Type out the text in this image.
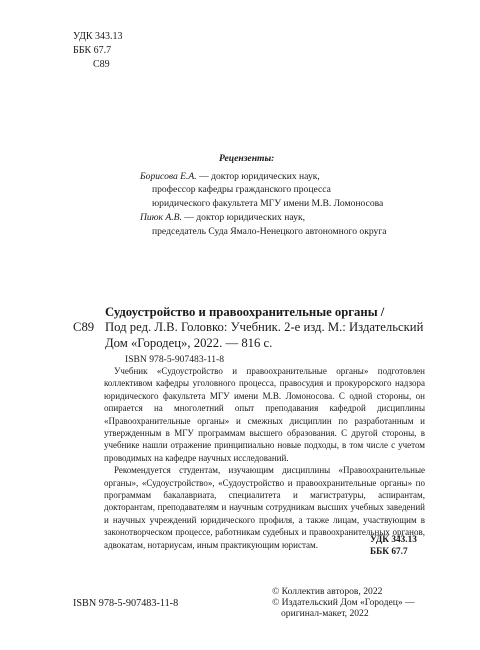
УДК 343.13
ББК 67.7
С89
Рецензенты:
Борисова Е.А. — доктор юридических наук,
профессор кафедры гражданского процесса
юридического факультета МГУ имени М.В. Ломоносова
Пиюк А.В. — доктор юридических наук,
председатель Суда Ямало-Ненецкого автономного округа
С89
Судоустройство и правоохранительные органы /
Под ред. Л.В. Головко: Учебник. 2-е изд. М.: Издательский
Дом «Городец», 2022. — 816 с.
ISBN 978-5-907483-11-8

Учебник «Судоустройство и правоохранительные органы» подготовлен коллективом кафедры уголовного процесса, правосудия и прокурорского надзора юридического факультета МГУ имени М.В. Ломоносова. С одной стороны, он опирается на многолетний опыт преподавания кафедрой дисциплины «Правоохранительные органы» и смежных дисциплин по разработанным и утвержденным в МГУ программам высшего образования. С другой стороны, в учебнике нашли отражение принципиально новые подходы, в том числе с учетом проводимых на кафедре научных исследований.

Рекомендуется студентам, изучающим дисциплины «Правоохранительные органы», «Судоустройство», «Судоустройство и правоохранительные органы» по программам бакалавриата, специалитета и магистратуры, аспирантам, докторантам, преподавателям и научным сотрудникам высших учебных заведений и научных учреждений юридического профиля, а также лицам, участвующим в законотворческом процессе, работникам судебных и правоохранительных органов, адвокатам, нотариусам, иным практикующим юристам.	УДК 343.13
ББК 67.7
ISBN 978-5-907483-11-8
© Коллектив авторов, 2022
© Издательский Дом «Городец» —
оригинал-макет, 2022
